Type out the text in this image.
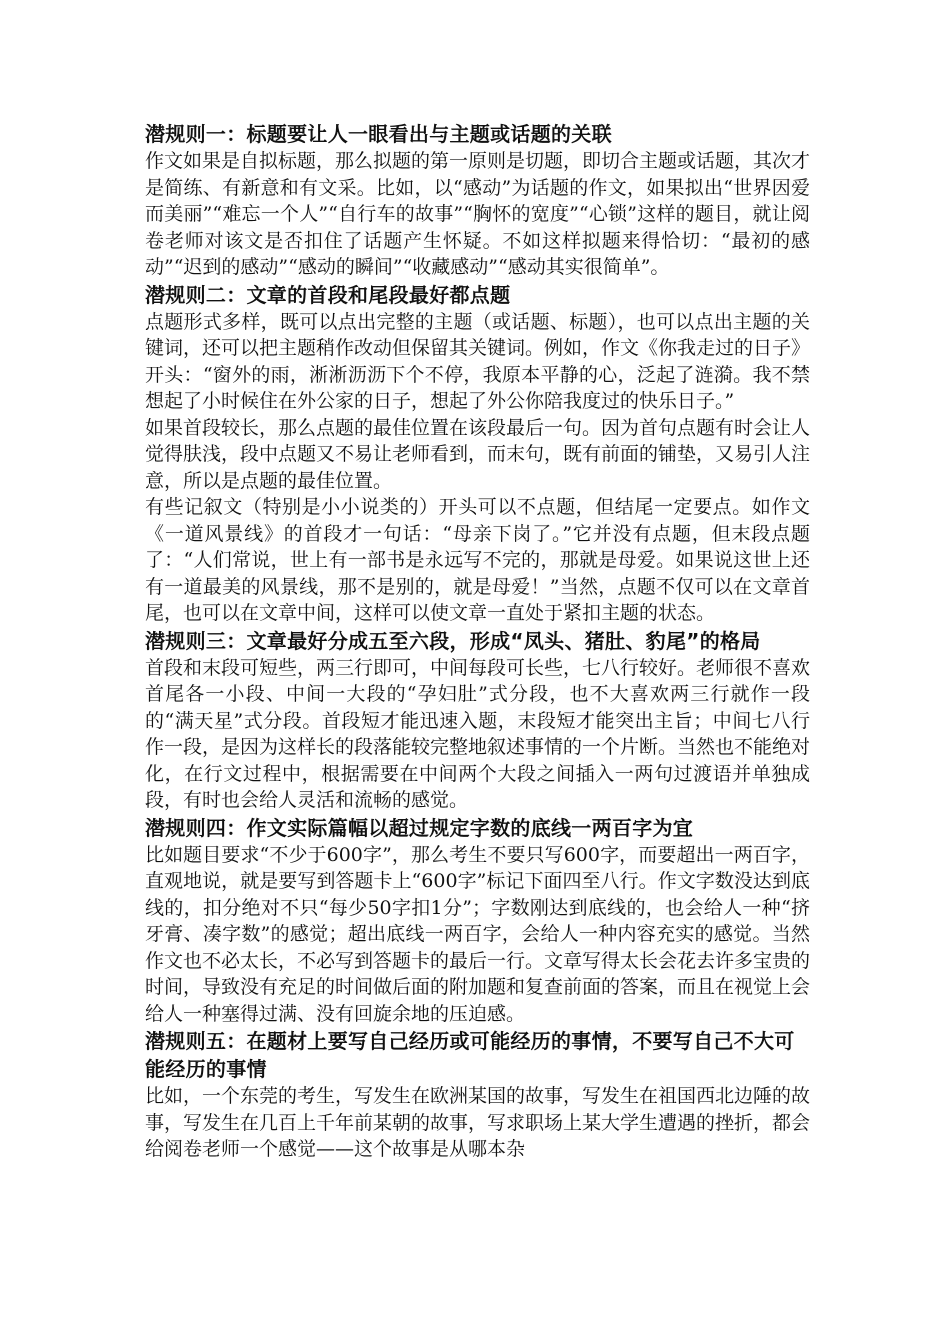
潜规则一：标题要让人一眼看出与主题或话题的关联

作文如果是自拟标题，那么拟题的第一原则是切题，即切合主题或话题，其次才是简练、有新意和有文采。比如，以“感动”为话题的作文，如果拟出“世界因爱而美丽”“难忘一个人”“自行车的故事”“胸怀的宽度”“心锁”这样的题目，就让阅卷老师对该文是否扣住了话题产生怀疑。不如这样拟题来得恰切：“最初的感动”“迟到的感动”“感动的瞬间”“收藏感动”“感动其实很简单”。

潜规则二：文章的首段和尾段最好都点题

点题形式多样，既可以点出完整的主题（或话题、标题），也可以点出主题的关键词，还可以把主题稍作改动但保留其关键词。例如，作文《你我走过的日子》开头：“窗外的雨，淅淅沥沥下个不停，我原本平静的心，泛起了涟漪。我不禁想起了小时候住在外公家的日子，想起了外公你陪我度过的快乐日子。”

如果首段较长，那么点题的最佳位置在该段最后一句。因为首句点题有时会让人觉得肤浅，段中点题又不易让老师看到，而末句，既有前面的铺垫，又易引人注意，所以是点题的最佳位置。

有些记叙文（特别是小小说类的）开头可以不点题，但结尾一定要点。如作文《一道风景线》的首段才一句话：“母亲下岗了。”它并没有点题，但末段点题了：“人们常说，世上有一部书是永远写不完的，那就是母爱。如果说这世上还有一道最美的风景线，那不是别的，就是母爱！”当然，点题不仅可以在文章首尾，也可以在文章中间，这样可以使文章一直处于紧扣主题的状态。

潜规则三：文章最好分成五至六段，形成“凤头、猪肚、豹尾”的格局

首段和末段可短些，两三行即可，中间每段可长些，七八行较好。老师很不喜欢首尾各一小段、中间一大段的“孕妇肚”式分段，也不大喜欢两三行就作一段的“满天星”式分段。首段短才能迅速入题，末段短才能突出主旨；中间七八行作一段，是因为这样长的段落能较完整地叙述事情的一个片断。当然也不能绝对化，在行文过程中，根据需要在中间两个大段之间插入一两句过渡语并单独成段，有时也会给人灵活和流畅的感觉。

潜规则四：作文实际篇幅以超过规定字数的底线一两百字为宜

比如题目要求“不少于600字”，那么考生不要只写600字，而要超出一两百字，直观地说，就是要写到答题卡上“600字”标记下面四至八行。作文字数没达到底线的，扣分绝对不只“每少50字扣1分”；字数刚达到底线的，也会给人一种“挤牙膏、凑字数”的感觉；超出底线一两百字，会给人一种内容充实的感觉。当然作文也不必太长，不必写到答题卡的最后一行。文章写得太长会花去许多宝贵的时间，导致没有充足的时间做后面的附加题和复查前面的答案，而且在视觉上会给人一种塞得过满、没有回旋余地的压迫感。

潜规则五：在题材上要写自己经历或可能经历的事情，不要写自己不大可能经历的事情

比如，一个东莞的考生，写发生在欧洲某国的故事，写发生在祖国西北边陲的故事，写发生在几百上千年前某朝的故事，写求职场上某大学生遭遇的挫折，都会给阅卷老师一个感觉——这个故事是从哪本杂
